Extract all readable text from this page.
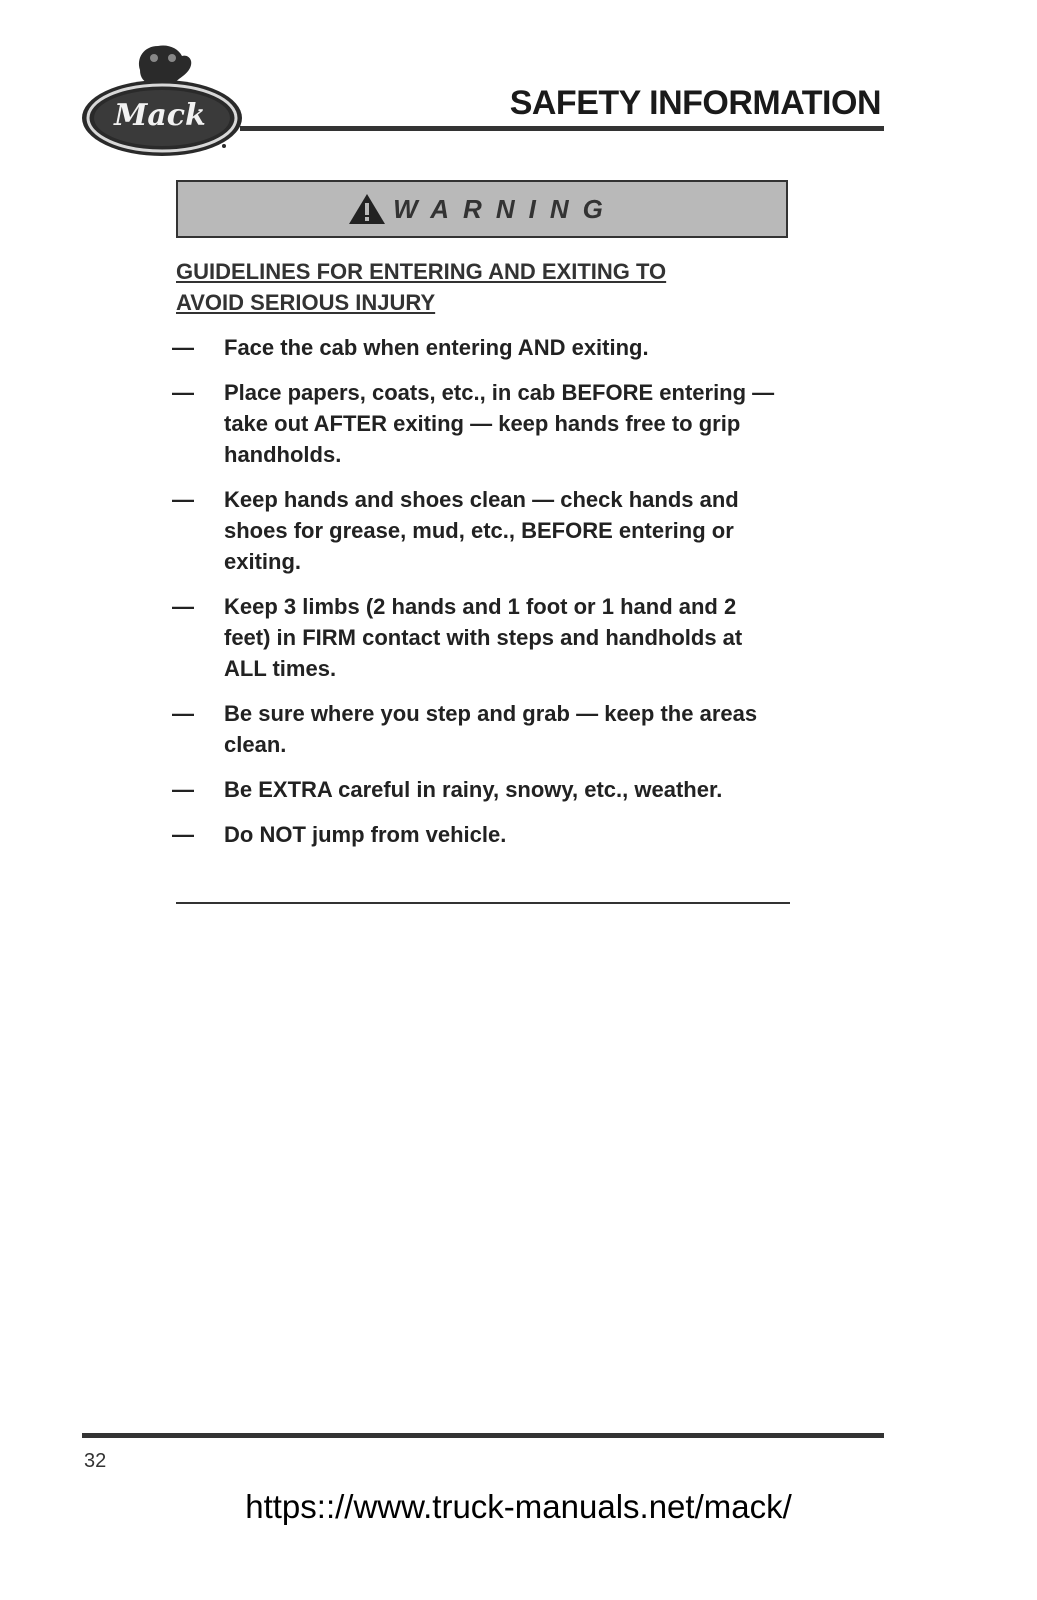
Mack	SAFETY INFORMATION
WARNING
GUIDELINES FOR ENTERING AND EXITING TO
AVOID SERIOUS INJURY
—	Face the cab when entering AND exiting.
—	Place papers, coats, etc., in cab BEFORE entering — take out AFTER exiting — keep hands free to grip handholds.
—	Keep hands and shoes clean — check hands and shoes for grease, mud, etc., BEFORE entering or exiting.
—	Keep 3 limbs (2 hands and 1 foot or 1 hand and 2 feet) in FIRM contact with steps and handholds at ALL times.
—	Be sure where you step and grab — keep the areas clean.
—	Be EXTRA careful in rainy, snowy, etc., weather.
—	Do NOT jump from vehicle.
32
https:://www.truck-manuals.net/mack/
